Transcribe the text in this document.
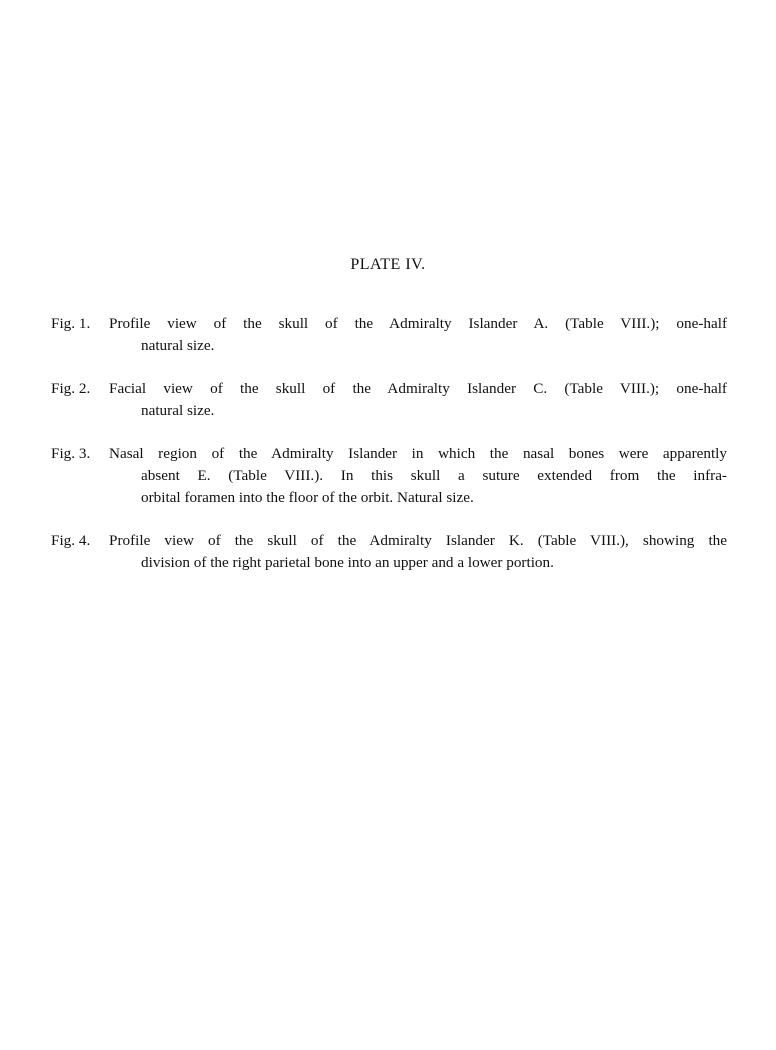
PLATE IV.
Fig. 1.	Profile view of the skull of the Admiralty Islander A. (Table VIII.); one-half
natural size.
Fig. 2.	Facial view of the skull of the Admiralty Islander C. (Table VIII.); one-half
natural size.
Fig. 3.	Nasal region of the Admiralty Islander in which the nasal bones were apparently
absent E. (Table VIII.). In this skull a suture extended from the infra-
orbital foramen into the floor of the orbit. Natural size.
Fig. 4.	Profile view of the skull of the Admiralty Islander K. (Table VIII.), showing the
division of the right parietal bone into an upper and a lower portion.
